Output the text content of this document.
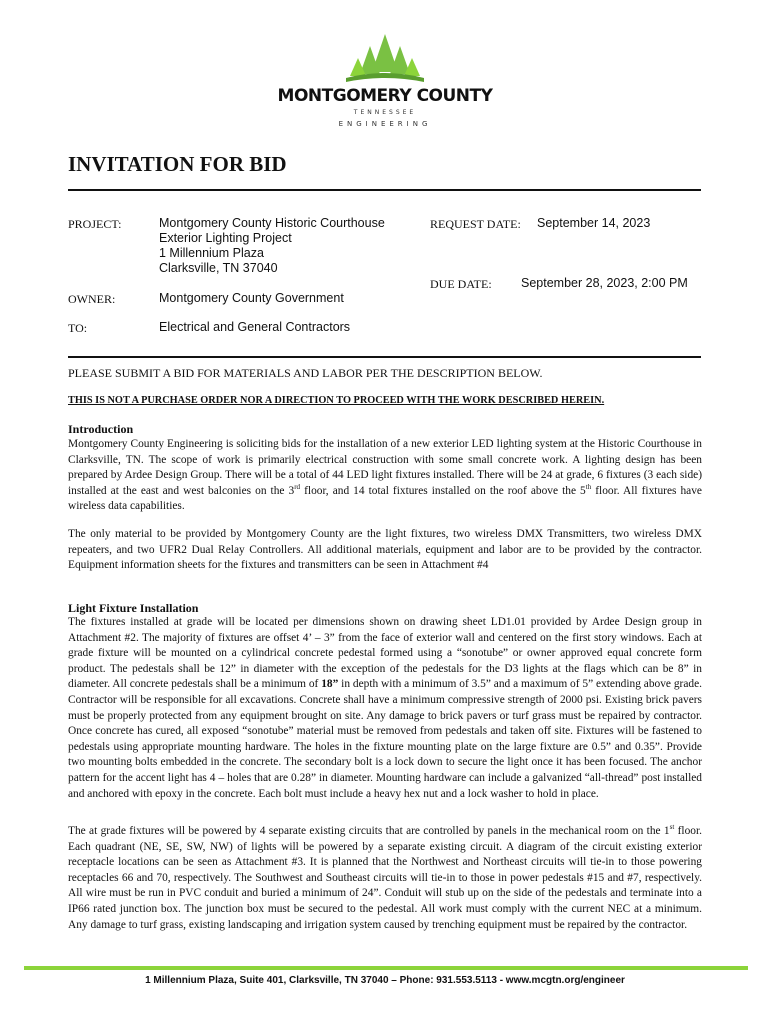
MONTGOMERY COUNTY
TENNESSEE
ENGINEERING
INVITATION FOR BID
PROJECT:	Montgomery County Historic Courthouse
Exterior Lighting Project
1 Millennium Plaza
Clarksville, TN 37040
REQUEST DATE: September 14, 2023
DUE DATE: September 28, 2023, 2:00 PM
OWNER:	Montgomery County Government
TO:	Electrical and General Contractors
PLEASE SUBMIT A BID FOR MATERIALS AND LABOR PER THE DESCRIPTION BELOW.
THIS IS NOT A PURCHASE ORDER NOR A DIRECTION TO PROCEED WITH THE WORK DESCRIBED HEREIN.
Introduction
Montgomery County Engineering is soliciting bids for the installation of a new exterior LED lighting system at the Historic Courthouse in Clarksville, TN. The scope of work is primarily electrical construction with some small concrete work. A lighting design has been prepared by Ardee Design Group. There will be a total of 44 LED light fixtures installed. There will be 24 at grade, 6 fixtures (3 each side) installed at the east and west balconies on the 3rd floor, and 14 total fixtures installed on the roof above the 5th floor. All fixtures have wireless data capabilities.
The only material to be provided by Montgomery County are the light fixtures, two wireless DMX Transmitters, two wireless DMX repeaters, and two UFR2 Dual Relay Controllers. All additional materials, equipment and labor are to be provided by the contractor. Equipment information sheets for the fixtures and transmitters can be seen in Attachment #4
Light Fixture Installation
The fixtures installed at grade will be located per dimensions shown on drawing sheet LD1.01 provided by Ardee Design group in Attachment #2. The majority of fixtures are offset 4’ – 3” from the face of exterior wall and centered on the first story windows. Each at grade fixture will be mounted on a cylindrical concrete pedestal formed using a “sonotube” or owner approved equal concrete form product. The pedestals shall be 12” in diameter with the exception of the pedestals for the D3 lights at the flags which can be 8” in diameter. All concrete pedestals shall be a minimum of 18” in depth with a minimum of 3.5” and a maximum of 5” extending above grade. Contractor will be responsible for all excavations. Concrete shall have a minimum compressive strength of 2000 psi. Existing brick pavers must be properly protected from any equipment brought on site. Any damage to brick pavers or turf grass must be repaired by contractor. Once concrete has cured, all exposed “sonotube” material must be removed from pedestals and taken off site. Fixtures will be fastened to pedestals using appropriate mounting hardware. The holes in the fixture mounting plate on the large fixture are 0.5” and 0.35”. Provide two mounting bolts embedded in the concrete. The secondary bolt is a lock down to secure the light once it has been focused. The anchor pattern for the accent light has 4 – holes that are 0.28” in diameter. Mounting hardware can include a galvanized “all-thread” post installed and anchored with epoxy in the concrete. Each bolt must include a heavy hex nut and a lock washer to hold in place.
The at grade fixtures will be powered by 4 separate existing circuits that are controlled by panels in the mechanical room on the 1st floor. Each quadrant (NE, SE, SW, NW) of lights will be powered by a separate existing circuit. A diagram of the circuit existing exterior receptacle locations can be seen as Attachment #3. It is planned that the Northwest and Northeast circuits will tie-in to those powering receptacles 66 and 70, respectively. The Southwest and Southeast circuits will tie-in to those in power pedestals #15 and #7, respectively. All wire must be run in PVC conduit and buried a minimum of 24”. Conduit will stub up on the side of the pedestals and terminate into a IP66 rated junction box. The junction box must be secured to the pedestal. All work must comply with the current NEC at a minimum. Any damage to turf grass, existing landscaping and irrigation system caused by trenching equipment must be repaired by the contractor.
1 Millennium Plaza, Suite 401, Clarksville, TN 37040 – Phone: 931.553.5113 - www.mcgtn.org/engineer
